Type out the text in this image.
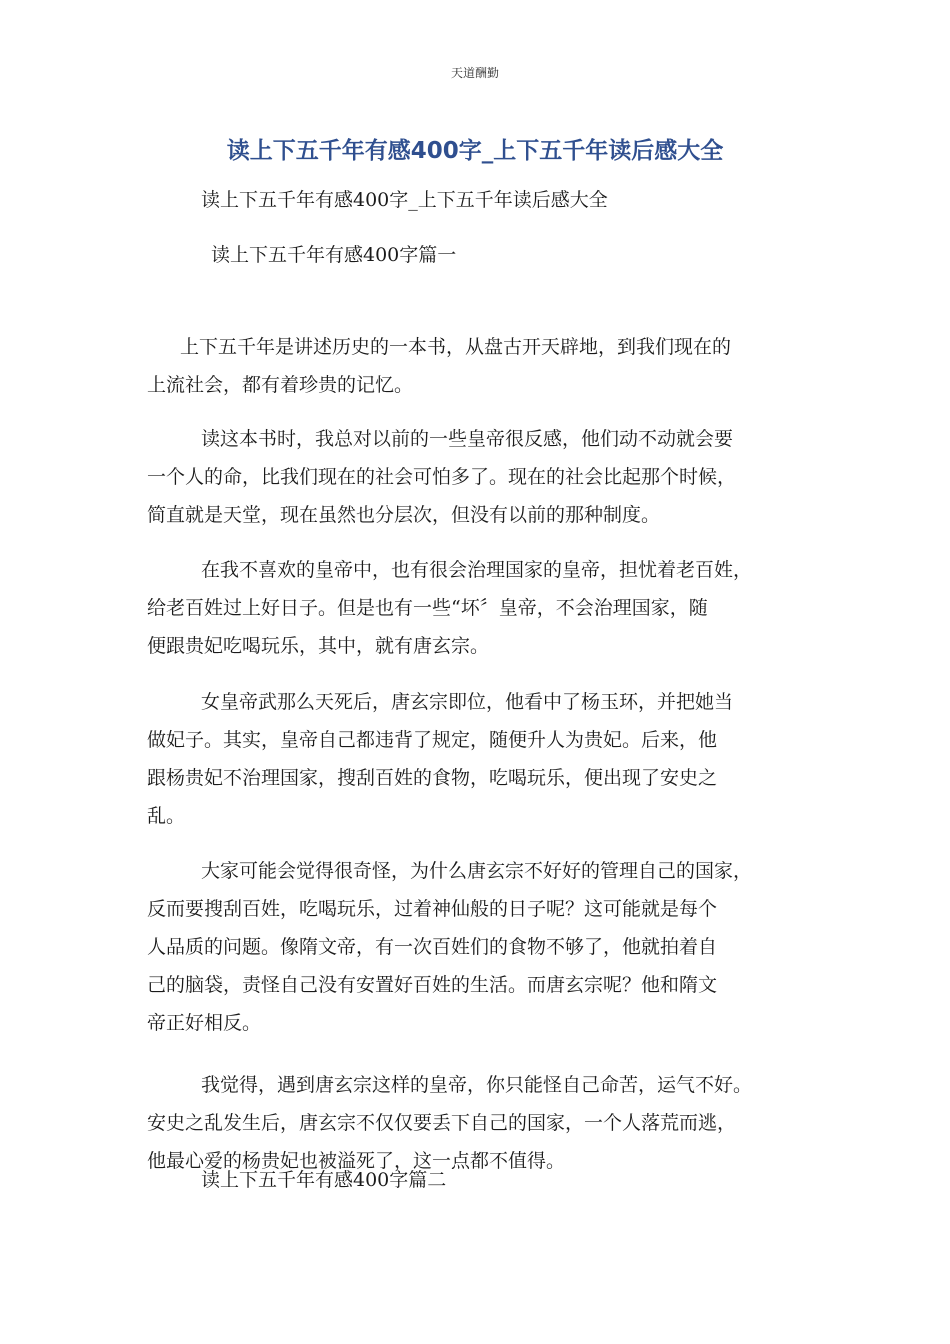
天道酬勤
读上下五千年有感400字_上下五千年读后感大全
读上下五千年有感400字_上下五千年读后感大全
读上下五千年有感400字篇一

上下五千年是讲述历史的一本书，从盘古开天辟地，到我们现在的
上流社会，都有着珍贵的记忆。

读这本书时，我总对以前的一些皇帝很反感，他们动不动就会要
一个人的命，比我们现在的社会可怕多了。现在的社会比起那个时候，
简直就是天堂，现在虽然也分层次，但没有以前的那种制度。

在我不喜欢的皇帝中，也有很会治理国家的皇帝，担忧着老百姓，
给老百姓过上好日子。但是也有一些“坏〞皇帝，不会治理国家，随
便跟贵妃吃喝玩乐，其中，就有唐玄宗。

女皇帝武那么天死后，唐玄宗即位，他看中了杨玉环，并把她当
做妃子。其实，皇帝自己都违背了规定，随便升人为贵妃。后来，他
跟杨贵妃不治理国家，搜刮百姓的食物，吃喝玩乐，便出现了安史之
乱。

大家可能会觉得很奇怪，为什么唐玄宗不好好的管理自己的国家，
反而要搜刮百姓，吃喝玩乐，过着神仙般的日子呢？这可能就是每个
人品质的问题。像隋文帝，有一次百姓们的食物不够了，他就拍着自
己的脑袋，责怪自己没有安置好百姓的生活。而唐玄宗呢？他和隋文
帝正好相反。

我觉得，遇到唐玄宗这样的皇帝，你只能怪自己命苦，运气不好。
安史之乱发生后，唐玄宗不仅仅要丢下自己的国家，一个人落荒而逃，
他最心爱的杨贵妃也被溢死了，这一点都不值得。

读上下五千年有感400字篇二
